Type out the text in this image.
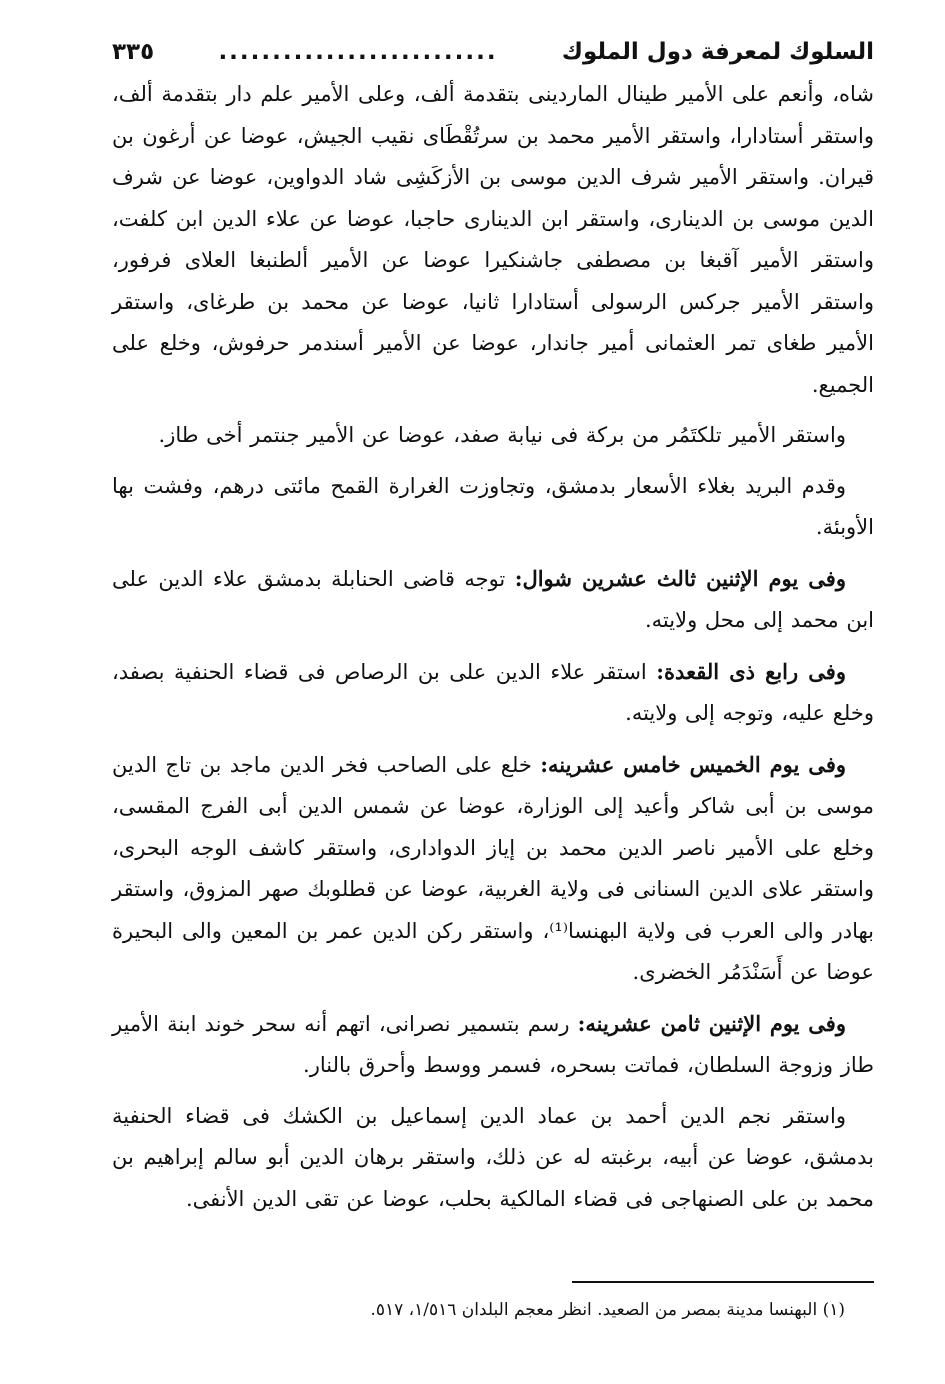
السلوك لمعرفة دول الملوك
..........................
٣٣٥

شاه، وأنعم على الأمير طينال الماردينى بتقدمة ألف، وعلى الأمير علم دار بتقدمة ألف، واستقر أستادارا، واستقر الأمير محمد بن سرتُقْطَاى نقيب الجيش، عوضا عن أرغون بن قيران. واستقر الأمير شرف الدين موسى بن الأزكَشِى شاد الدواوين، عوضا عن شرف الدين موسى بن الدينارى، واستقر ابن الدينارى حاجبا، عوضا عن علاء الدين ابن كلفت، واستقر الأمير آقبغا بن مصطفى جاشنكيرا عوضا عن الأمير ألطنبغا العلاى فرفور، واستقر الأمير جركس الرسولى أستادارا ثانيا، عوضا عن محمد بن طرغاى، واستقر الأمير طغاى تمر العثمانى أمير جاندار، عوضا عن الأمير أسندمر حرفوش، وخلع على الجميع.

واستقر الأمير تلكتَمُر من بركة فى نيابة صفد، عوضا عن الأمير جنتمر أخى طاز.

وقدم البريد بغلاء الأسعار بدمشق، وتجاوزت الغرارة القمح مائتى درهم، وفشت بها الأوبئة.

وفى يوم الإثنين ثالث عشرين شوال: توجه قاضى الحنابلة بدمشق علاء الدين على ابن محمد إلى محل ولايته.

وفى رابع ذى القعدة: استقر علاء الدين على بن الرصاص فى قضاء الحنفية بصفد، وخلع عليه، وتوجه إلى ولايته.

وفى يوم الخميس خامس عشرينه: خلع على الصاحب فخر الدين ماجد بن تاج الدين موسى بن أبى شاكر وأعيد إلى الوزارة، عوضا عن شمس الدين أبى الفرج المقسى، وخلع على الأمير ناصر الدين محمد بن إياز الدوادارى، واستقر كاشف الوجه البحرى، واستقر علاى الدين السنانى فى ولاية الغربية، عوضا عن قطلوبك صهر المزوق، واستقر بهادر والى العرب فى ولاية البهنسا⁽¹⁾، واستقر ركن الدين عمر بن المعين والى البحيرة عوضا عن أَسَنْدَمُر الخضرى.

وفى يوم الإثنين ثامن عشرينه: رسم بتسمير نصرانى، اتهم أنه سحر خوند ابنة الأمير طاز وزوجة السلطان، فماتت بسحره، فسمر ووسط وأحرق بالنار.

واستقر نجم الدين أحمد بن عماد الدين إسماعيل بن الكشك فى قضاء الحنفية بدمشق، عوضا عن أبيه، برغبته له عن ذلك، واستقر برهان الدين أبو سالم إبراهيم بن محمد بن على الصنهاجى فى قضاء المالكية بحلب، عوضا عن تقى الدين الأنفى.

(١) البهنسا مدينة بمصر من الصعيد. انظر معجم البلدان ١/٥١٦، ٥١٧.
